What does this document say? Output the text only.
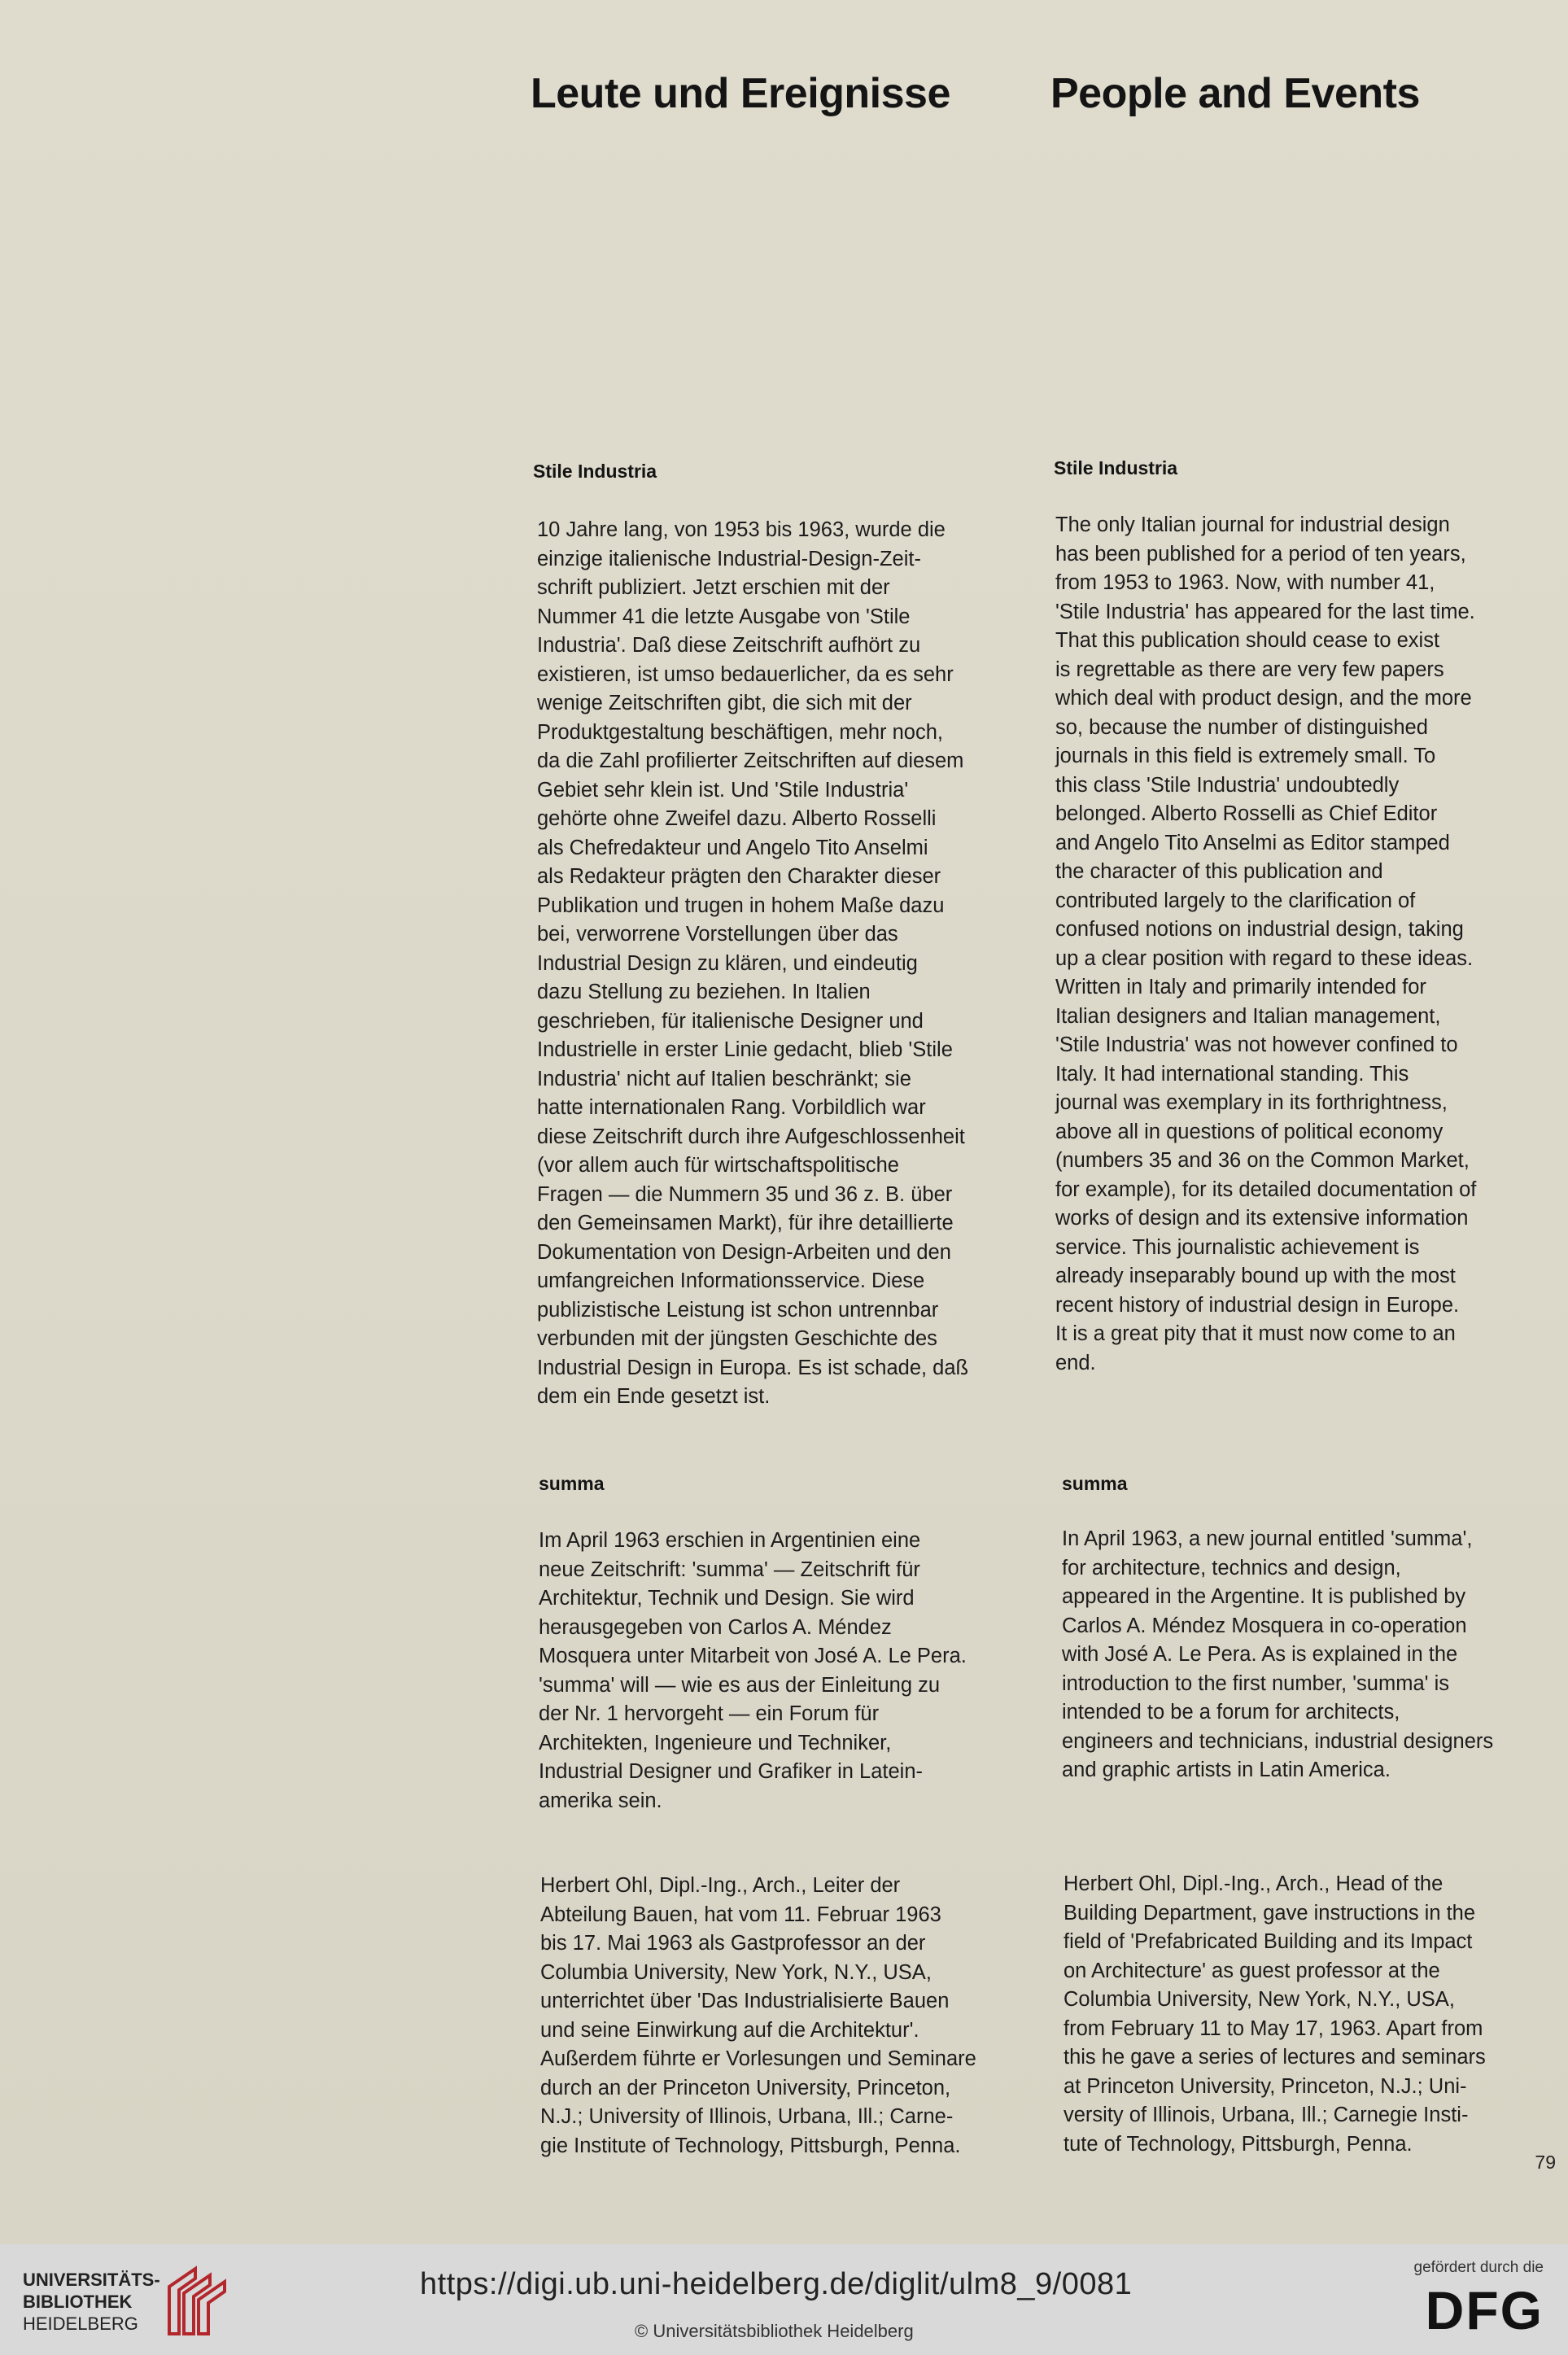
Leute und Ereignisse People and Events
Stile Industria	Stile Industria

10 Jahre lang, von 1953 bis 1963, wurde die
einzige italienische Industrial-Design-Zeit-
schrift publiziert. Jetzt erschien mit der
Nummer 41 die letzte Ausgabe von 'Stile
Industria'. Daß diese Zeitschrift aufhört zu
existieren, ist umso bedauerlicher, da es sehr
wenige Zeitschriften gibt, die sich mit der
Produktgestaltung beschäftigen, mehr noch,
da die Zahl profilierter Zeitschriften auf diesem
Gebiet sehr klein ist. Und 'Stile Industria'
gehörte ohne Zweifel dazu. Alberto Rosselli
als Chefredakteur und Angelo Tito Anselmi
als Redakteur prägten den Charakter dieser
Publikation und trugen in hohem Maße dazu
bei, verworrene Vorstellungen über das
Industrial Design zu klären, und eindeutig
dazu Stellung zu beziehen. In Italien
geschrieben, für italienische Designer und
Industrielle in erster Linie gedacht, blieb 'Stile
Industria' nicht auf Italien beschränkt; sie
hatte internationalen Rang. Vorbildlich war
diese Zeitschrift durch ihre Aufgeschlossenheit
(vor allem auch für wirtschaftspolitische
Fragen — die Nummern 35 und 36 z. B. über
den Gemeinsamen Markt), für ihre detaillierte
Dokumentation von Design-Arbeiten und den
umfangreichen Informationsservice. Diese
publizistische Leistung ist schon untrennbar
verbunden mit der jüngsten Geschichte des
Industrial Design in Europa. Es ist schade, daß
dem ein Ende gesetzt ist.

The only Italian journal for industrial design
has been published for a period of ten years,
from 1953 to 1963. Now, with number 41,
'Stile Industria' has appeared for the last time.
That this publication should cease to exist
is regrettable as there are very few papers
which deal with product design, and the more
so, because the number of distinguished
journals in this field is extremely small. To
this class 'Stile Industria' undoubtedly
belonged. Alberto Rosselli as Chief Editor
and Angelo Tito Anselmi as Editor stamped
the character of this publication and
contributed largely to the clarification of
confused notions on industrial design, taking
up a clear position with regard to these ideas.
Written in Italy and primarily intended for
Italian designers and Italian management,
'Stile Industria' was not however confined to
Italy. It had international standing. This
journal was exemplary in its forthrightness,
above all in questions of political economy
(numbers 35 and 36 on the Common Market,
for example), for its detailed documentation of
works of design and its extensive information
service. This journalistic achievement is
already inseparably bound up with the most
recent history of industrial design in Europe.
It is a great pity that it must now come to an
end.

summa	summa

Im April 1963 erschien in Argentinien eine
neue Zeitschrift: 'summa' — Zeitschrift für
Architektur, Technik und Design. Sie wird
herausgegeben von Carlos A. Méndez
Mosquera unter Mitarbeit von José A. Le Pera.
'summa' will — wie es aus der Einleitung zu
der Nr. 1 hervorgeht — ein Forum für
Architekten, Ingenieure und Techniker,
Industrial Designer und Grafiker in Latein-
amerika sein.

In April 1963, a new journal entitled 'summa',
for architecture, technics and design,
appeared in the Argentine. It is published by
Carlos A. Méndez Mosquera in co-operation
with José A. Le Pera. As is explained in the
introduction to the first number, 'summa' is
intended to be a forum for architects,
engineers and technicians, industrial designers
and graphic artists in Latin America.

Herbert Ohl, Dipl.-Ing., Arch., Leiter der
Abteilung Bauen, hat vom 11. Februar 1963
bis 17. Mai 1963 als Gastprofessor an der
Columbia University, New York, N.Y., USA,
unterrichtet über 'Das Industrialisierte Bauen
und seine Einwirkung auf die Architektur'.
Außerdem führte er Vorlesungen und Seminare
durch an der Princeton University, Princeton,
N.J.; University of Illinois, Urbana, Ill.; Carne-
gie Institute of Technology, Pittsburgh, Penna.

Herbert Ohl, Dipl.-Ing., Arch., Head of the
Building Department, gave instructions in the
field of 'Prefabricated Building and its Impact
on Architecture' as guest professor at the
Columbia University, New York, N.Y., USA,
from February 11 to May 17, 1963. Apart from
this he gave a series of lectures and seminars
at Princeton University, Princeton, N.J.; Uni-
versity of Illinois, Urbana, Ill.; Carnegie Insti-
tute of Technology, Pittsburgh, Penna.

79
UNIVERSITÄTS-
BIBLIOTHEK
HEIDELBERG
https://digi.ub.uni-heidelberg.de/diglit/ulm8_9/0081
© Universitätsbibliothek Heidelberg
gefördert durch die
DFG
